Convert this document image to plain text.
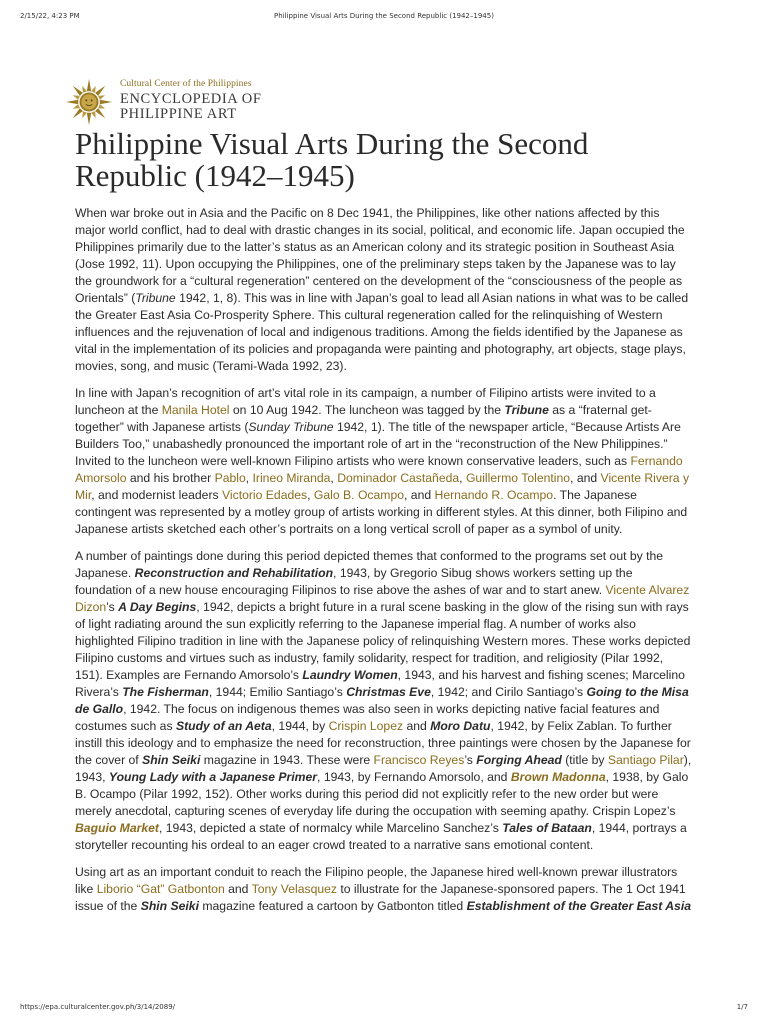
2/15/22, 4:23 PM	Philippine Visual Arts During the Second Republic (1942–1945)
Cultural Center of the Philippines
ENCYCLOPEDIA OF
PHILIPPINE ART
Philippine Visual Arts During the Second Republic (1942–1945)

When war broke out in Asia and the Pacific on 8 Dec 1941, the Philippines, like other nations affected by this major world conflict, had to deal with drastic changes in its social, political, and economic life. Japan occupied the Philippines primarily due to the latter’s status as an American colony and its strategic position in Southeast Asia (Jose 1992, 11). Upon occupying the Philippines, one of the preliminary steps taken by the Japanese was to lay the groundwork for a “cultural regeneration” centered on the development of the “consciousness of the people as Orientals” (Tribune 1942, 1, 8). This was in line with Japan’s goal to lead all Asian nations in what was to be called the Greater East Asia Co-Prosperity Sphere. This cultural regeneration called for the relinquishing of Western influences and the rejuvenation of local and indigenous traditions. Among the fields identified by the Japanese as vital in the implementation of its policies and propaganda were painting and photography, art objects, stage plays, movies, song, and music (Terami-Wada 1992, 23).

In line with Japan’s recognition of art’s vital role in its campaign, a number of Filipino artists were invited to a luncheon at the Manila Hotel on 10 Aug 1942. The luncheon was tagged by the Tribune as a “fraternal get-together” with Japanese artists (Sunday Tribune 1942, 1). The title of the newspaper article, “Because Artists Are Builders Too,” unabashedly pronounced the important role of art in the “reconstruction of the New Philippines.” Invited to the luncheon were well-known Filipino artists who were known conservative leaders, such as Fernando Amorsolo and his brother Pablo, Irineo Miranda, Dominador Castañeda, Guillermo Tolentino, and Vicente Rivera y Mir, and modernist leaders Victorio Edades, Galo B. Ocampo, and Hernando R. Ocampo. The Japanese contingent was represented by a motley group of artists working in different styles. At this dinner, both Filipino and Japanese artists sketched each other’s portraits on a long vertical scroll of paper as a symbol of unity.

A number of paintings done during this period depicted themes that conformed to the programs set out by the Japanese. Reconstruction and Rehabilitation, 1943, by Gregorio Sibug shows workers setting up the foundation of a new house encouraging Filipinos to rise above the ashes of war and to start anew. Vicente Alvarez Dizon’s A Day Begins, 1942, depicts a bright future in a rural scene basking in the glow of the rising sun with rays of light radiating around the sun explicitly referring to the Japanese imperial flag. A number of works also highlighted Filipino tradition in line with the Japanese policy of relinquishing Western mores. These works depicted Filipino customs and virtues such as industry, family solidarity, respect for tradition, and religiosity (Pilar 1992, 151). Examples are Fernando Amorsolo’s Laundry Women, 1943, and his harvest and fishing scenes; Marcelino Rivera’s The Fisherman, 1944; Emilio Santiago’s Christmas Eve, 1942; and Cirilo Santiago’s Going to the Misa de Gallo, 1942. The focus on indigenous themes was also seen in works depicting native facial features and costumes such as Study of an Aeta, 1944, by Crispin Lopez and Moro Datu, 1942, by Felix Zablan. To further instill this ideology and to emphasize the need for reconstruction, three paintings were chosen by the Japanese for the cover of Shin Seiki magazine in 1943. These were Francisco Reyes’s Forging Ahead (title by Santiago Pilar), 1943, Young Lady with a Japanese Primer, 1943, by Fernando Amorsolo, and Brown Madonna, 1938, by Galo B. Ocampo (Pilar 1992, 152). Other works during this period did not explicitly refer to the new order but were merely anecdotal, capturing scenes of everyday life during the occupation with seeming apathy. Crispin Lopez’s Baguio Market, 1943, depicted a state of normalcy while Marcelino Sanchez’s Tales of Bataan, 1944, portrays a storyteller recounting his ordeal to an eager crowd treated to a narrative sans emotional content.

Using art as an important conduit to reach the Filipino people, the Japanese hired well-known prewar illustrators like Liborio “Gat” Gatbonton and Tony Velasquez to illustrate for the Japanese-sponsored papers. The 1 Oct 1941 issue of the Shin Seiki magazine featured a cartoon by Gatbonton titled Establishment of the Greater East Asia

https://epa.culturalcenter.gov.ph/3/14/2089/	1/7
